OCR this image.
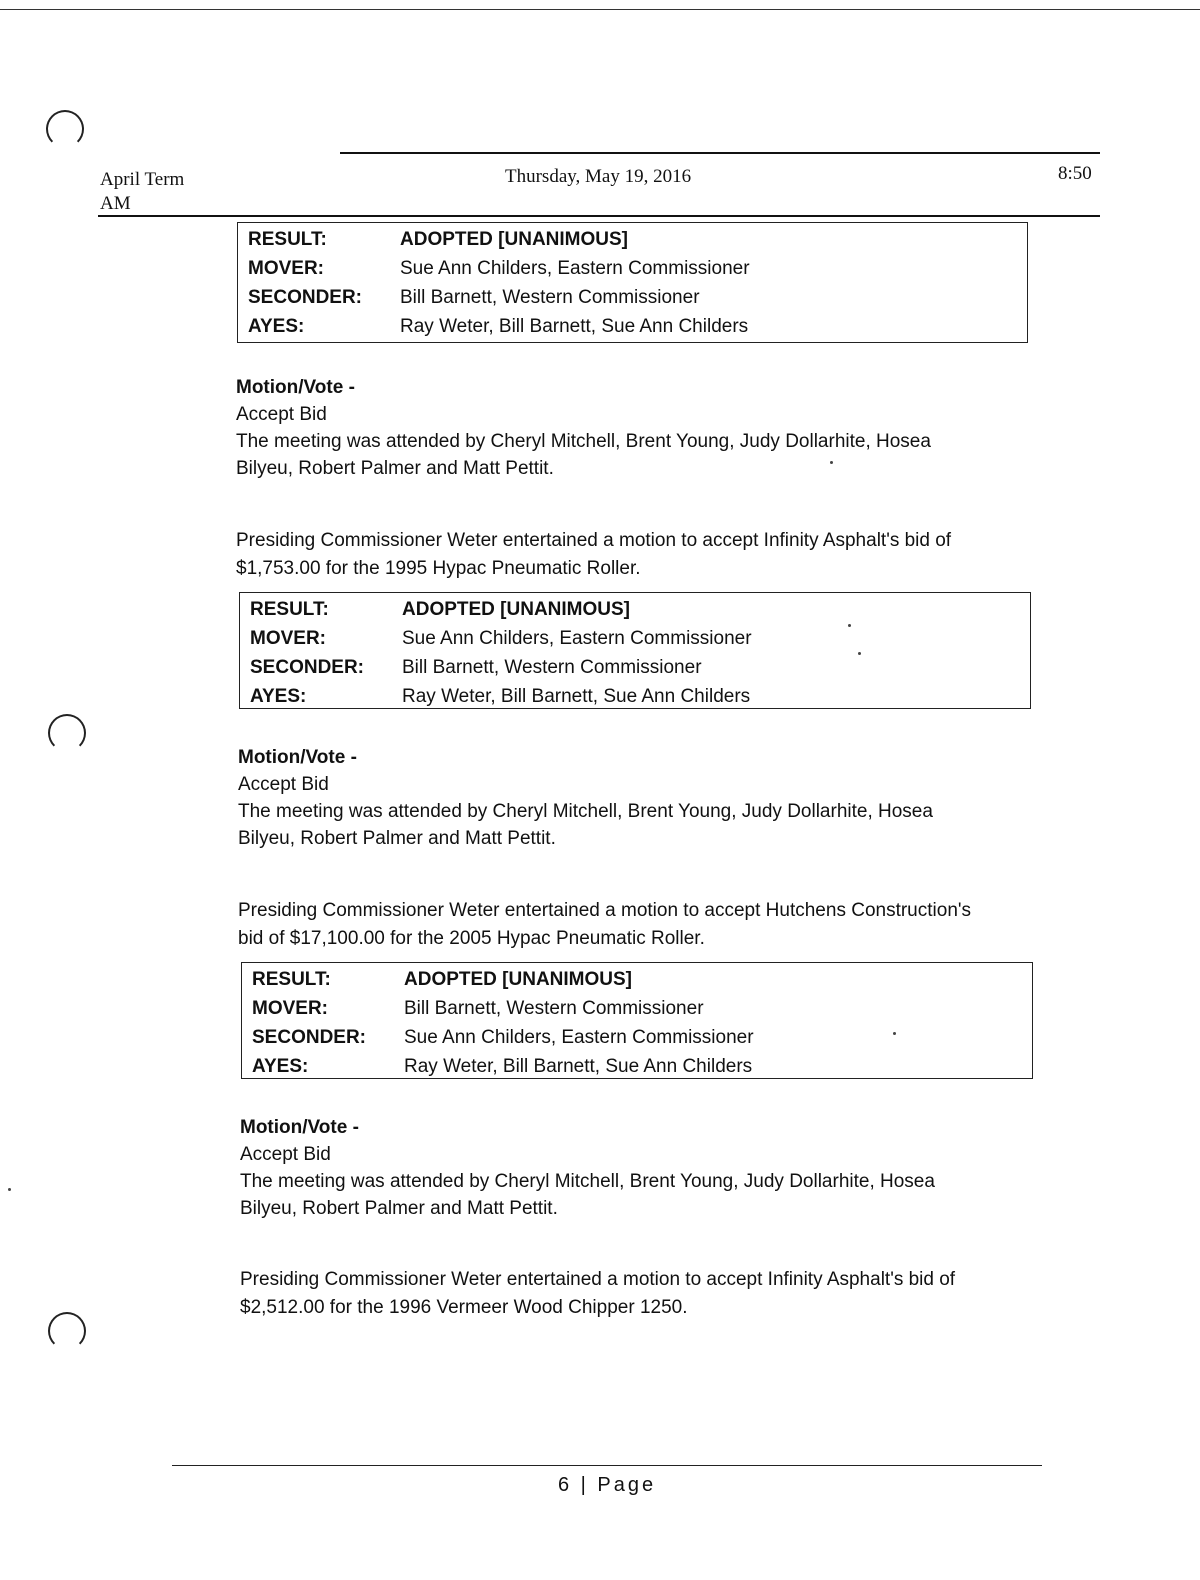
April Term
AM
Thursday, May 19, 2016	8:50
RESULT:	ADOPTED [UNANIMOUS]
MOVER:	Sue Ann Childers, Eastern Commissioner
SECONDER:	Bill Barnett, Western Commissioner
AYES:	Ray Weter, Bill Barnett, Sue Ann Childers
Motion/Vote -
Accept Bid
The meeting was attended by Cheryl Mitchell, Brent Young, Judy Dollarhite, Hosea
Bilyeu, Robert Palmer and Matt Pettit.
Presiding Commissioner Weter entertained a motion to accept Infinity Asphalt's bid of
$1,753.00 for the 1995 Hypac Pneumatic Roller.
RESULT:	ADOPTED [UNANIMOUS]
MOVER:	Sue Ann Childers, Eastern Commissioner
SECONDER:	Bill Barnett, Western Commissioner
AYES:	Ray Weter, Bill Barnett, Sue Ann Childers
Motion/Vote -
Accept Bid
The meeting was attended by Cheryl Mitchell, Brent Young, Judy Dollarhite, Hosea
Bilyeu, Robert Palmer and Matt Pettit.
Presiding Commissioner Weter entertained a motion to accept Hutchens Construction's
bid of $17,100.00 for the 2005 Hypac Pneumatic Roller.
RESULT:	ADOPTED [UNANIMOUS]
MOVER:	Bill Barnett, Western Commissioner
SECONDER:	Sue Ann Childers, Eastern Commissioner
AYES:	Ray Weter, Bill Barnett, Sue Ann Childers
Motion/Vote -
Accept Bid
The meeting was attended by Cheryl Mitchell, Brent Young, Judy Dollarhite, Hosea
Bilyeu, Robert Palmer and Matt Pettit.
Presiding Commissioner Weter entertained a motion to accept Infinity Asphalt's bid of
$2,512.00 for the 1996 Vermeer Wood Chipper 1250.
6 | Page
